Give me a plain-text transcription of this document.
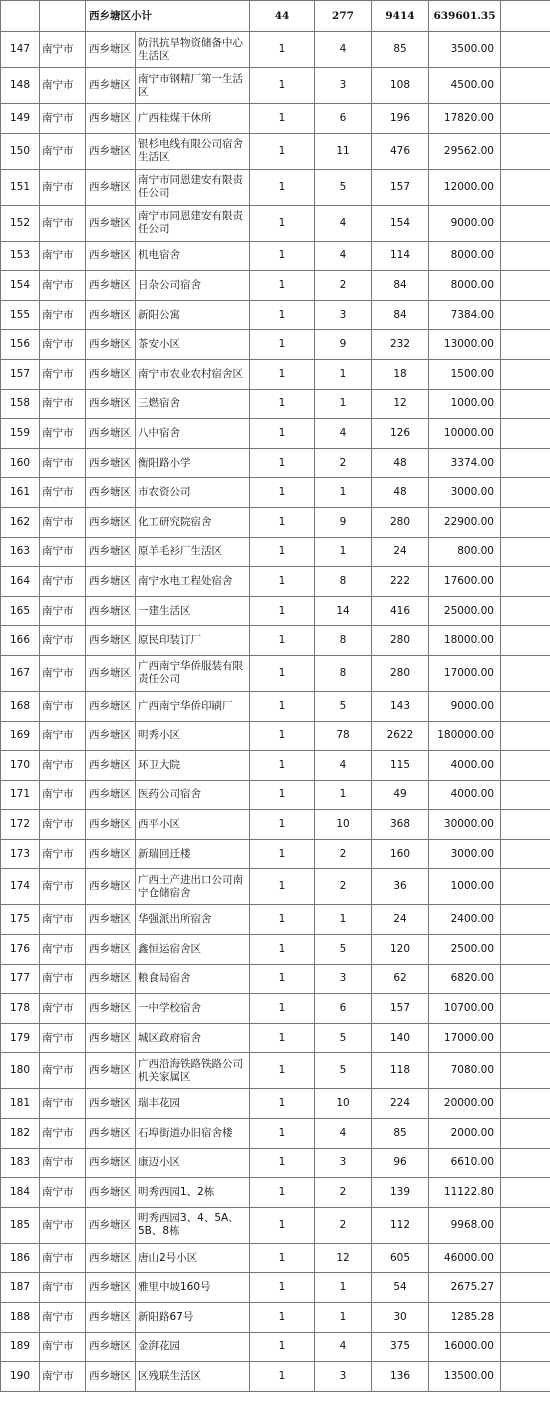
		西乡塘区小计		44	277	9414	639601.35	
147	南宁市	西乡塘区	防汛抗旱物资储备中心生活区	1	4	85	3500.00	
148	南宁市	西乡塘区	南宁市钢精厂第一生活区	1	3	108	4500.00	
149	南宁市	西乡塘区	广西桂煤干休所	1	6	196	17820.00	
150	南宁市	西乡塘区	银杉电线有限公司宿舍生活区	1	11	476	29562.00	
151	南宁市	西乡塘区	南宁市同恩建安有限责任公司	1	5	157	12000.00	
152	南宁市	西乡塘区	南宁市同恩建安有限责任公司	1	4	154	9000.00	
153	南宁市	西乡塘区	机电宿舍	1	4	114	8000.00	
154	南宁市	西乡塘区	日杂公司宿舍	1	2	84	8000.00	
155	南宁市	西乡塘区	新阳公寓	1	3	84	7384.00	
156	南宁市	西乡塘区	茶安小区	1	9	232	13000.00	
157	南宁市	西乡塘区	南宁市农业农村宿舍区	1	1	18	1500.00	
158	南宁市	西乡塘区	三燃宿舍	1	1	12	1000.00	
159	南宁市	西乡塘区	八中宿舍	1	4	126	10000.00	
160	南宁市	西乡塘区	衡阳路小学	1	2	48	3374.00	
161	南宁市	西乡塘区	市农资公司	1	1	48	3000.00	
162	南宁市	西乡塘区	化工研究院宿舍	1	9	280	22900.00	
163	南宁市	西乡塘区	原羊毛衫厂生活区	1	1	24	800.00	
164	南宁市	西乡塘区	南宁水电工程处宿舍	1	8	222	17600.00	
165	南宁市	西乡塘区	一建生活区	1	14	416	25000.00	
166	南宁市	西乡塘区	原民印装订厂	1	8	280	18000.00	
167	南宁市	西乡塘区	广西南宁华侨服装有限责任公司	1	8	280	17000.00	
168	南宁市	西乡塘区	广西南宁华侨印刷厂	1	5	143	9000.00	
169	南宁市	西乡塘区	明秀小区	1	78	2622	180000.00	
170	南宁市	西乡塘区	环卫大院	1	4	115	4000.00	
171	南宁市	西乡塘区	医药公司宿舍	1	1	49	4000.00	
172	南宁市	西乡塘区	西平小区	1	10	368	30000.00	
173	南宁市	西乡塘区	新瑞回迁楼	1	2	160	3000.00	
174	南宁市	西乡塘区	广西土产进出口公司南宁仓储宿舍	1	2	36	1000.00	
175	南宁市	西乡塘区	华强派出所宿舍	1	1	24	2400.00	
176	南宁市	西乡塘区	鑫恒运宿舍区	1	5	120	2500.00	
177	南宁市	西乡塘区	粮食局宿舍	1	3	62	6820.00	
178	南宁市	西乡塘区	一中学校宿舍	1	6	157	10700.00	
179	南宁市	西乡塘区	城区政府宿舍	1	5	140	17000.00	
180	南宁市	西乡塘区	广西沿海铁路铁路公司机关家属区	1	5	118	7080.00	
181	南宁市	西乡塘区	瑞丰花园	1	10	224	20000.00	
182	南宁市	西乡塘区	石埠街道办旧宿舍楼	1	4	85	2000.00	
183	南宁市	西乡塘区	康迈小区	1	3	96	6610.00	
184	南宁市	西乡塘区	明秀西园1、2栋	1	2	139	11122.80	
185	南宁市	西乡塘区	明秀西园3、4、5A、5B、8栋	1	2	112	9968.00	
186	南宁市	西乡塘区	唐山2号小区	1	12	605	46000.00	
187	南宁市	西乡塘区	雅里中坡160号	1	1	54	2675.27	
188	南宁市	西乡塘区	新阳路67号	1	1	30	1285.28	
189	南宁市	西乡塘区	金湃花园	1	4	375	16000.00	
190	南宁市	西乡塘区	区残联生活区	1	3	136	13500.00	
